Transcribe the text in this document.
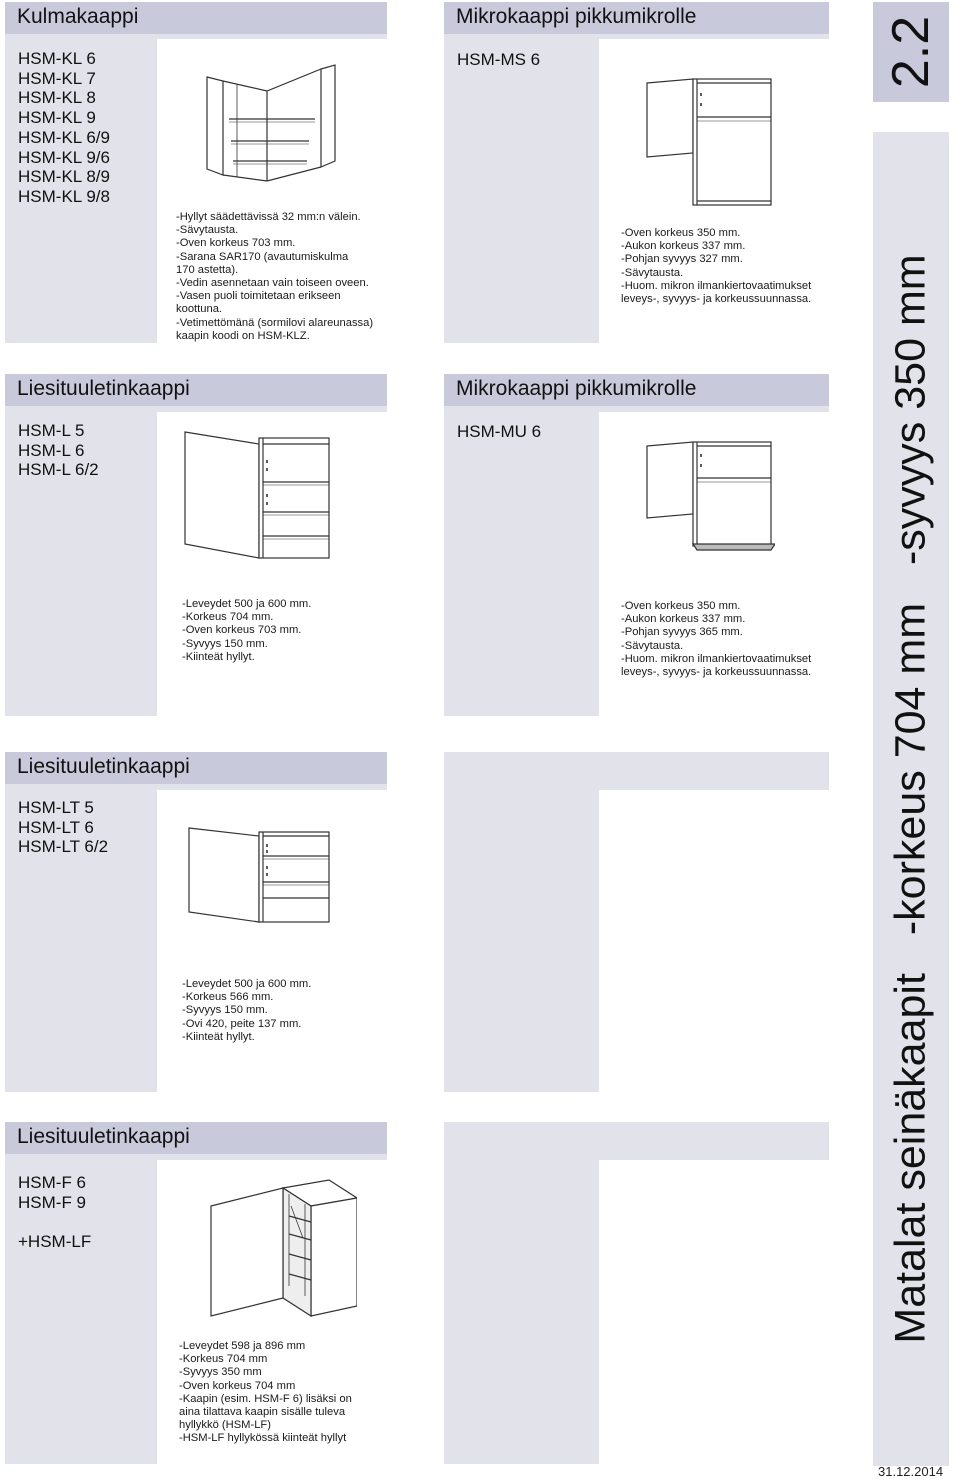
Kulmakaappi
HSM-KL 6
HSM-KL 7
HSM-KL 8
HSM-KL 9
HSM-KL 6/9
HSM-KL 9/6
HSM-KL 8/9
HSM-KL 9/8
-Hyllyt säädettävissä 32 mm:n välein.
-Sävytausta.
-Oven korkeus 703 mm.
-Sarana SAR170 (avautumiskulma
170 astetta).
-Vedin asennetaan vain toiseen oveen.
-Vasen puoli toimitetaan erikseen
koottuna.
-Vetimettömänä (sormilovi alareunassa)
kaapin koodi on HSM-KLZ.
Liesituuletinkaappi
HSM-L 5
HSM-L 6
HSM-L 6/2
-Leveydet 500 ja 600 mm.
-Korkeus 704 mm.
-Oven korkeus 703 mm.
-Syvyys 150 mm.
-Kiinteät hyllyt.
Liesituuletinkaappi
HSM-LT 5
HSM-LT 6
HSM-LT 6/2
-Leveydet 500 ja 600 mm.
-Korkeus 566 mm.
-Syvyys 150 mm.
-Ovi 420, peite 137 mm.
-Kiinteät hyllyt.
Liesituuletinkaappi
HSM-F 6
HSM-F 9
+HSM-LF
-Leveydet 598 ja 896 mm
-Korkeus 704 mm
-Syvyys 350 mm
-Oven korkeus 704 mm
-Kaapin (esim. HSM-F 6) lisäksi on
aina tilattava kaapin sisälle tuleva
hyllykkö (HSM-LF)
-HSM-LF hyllykössä kiinteät hyllyt
Mikrokaappi pikkumikrolle
HSM-MS 6
-Oven korkeus 350 mm.
-Aukon korkeus 337 mm.
-Pohjan syvyys 327 mm.
-Sävytausta.
-Huom. mikron ilmankiertovaatimukset
leveys-, syvyys- ja korkeussuunnassa.
Mikrokaappi pikkumikrolle
HSM-MU 6
-Oven korkeus 350 mm.
-Aukon korkeus 337 mm.
-Pohjan syvyys 365 mm.
-Sävytausta.
-Huom. mikron ilmankiertovaatimukset
leveys-, syvyys- ja korkeussuunnassa.
2.2
Matalat seinäkaapit -korkeus 704 mm -syvyys 350 mm
31.12.2014
